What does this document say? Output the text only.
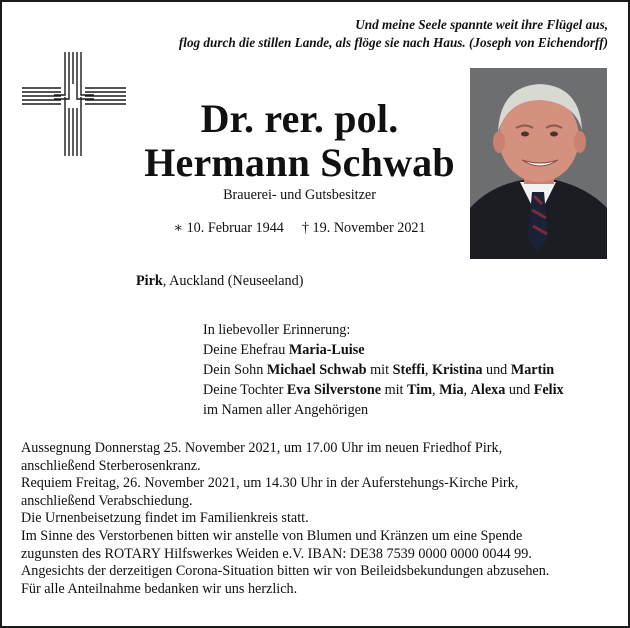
Und meine Seele spannte weit ihre Flügel aus,
flog durch die stillen Lande, als flöge sie nach Haus. (Joseph von Eichendorff)
Dr. rer. pol.
Hermann Schwab
Brauerei- und Gutsbesitzer
∗ 10. Februar 1944 † 19. November 2021
Pirk, Auckland (Neuseeland)
In liebevoller Erinnerung:
Deine Ehefrau Maria-Luise
Dein Sohn Michael Schwab mit Steffi, Kristina und Martin
Deine Tochter Eva Silverstone mit Tim, Mia, Alexa und Felix
im Namen aller Angehörigen
Aussegnung Donnerstag 25. November 2021, um 17.00 Uhr im neuen Friedhof Pirk,
anschließend Sterberosenkranz.
Requiem Freitag, 26. November 2021, um 14.30 Uhr in der Auferstehungs-Kirche Pirk,
anschließend Verabschiedung.
Die Urnenbeisetzung findet im Familienkreis statt.
Im Sinne des Verstorbenen bitten wir anstelle von Blumen und Kränzen um eine Spende
zugunsten des ROTARY Hilfswerkes Weiden e.V. IBAN: DE38 7539 0000 0000 0044 99.
Angesichts der derzeitigen Corona-Situation bitten wir von Beileidsbekundungen abzusehen.
Für alle Anteilnahme bedanken wir uns herzlich.
